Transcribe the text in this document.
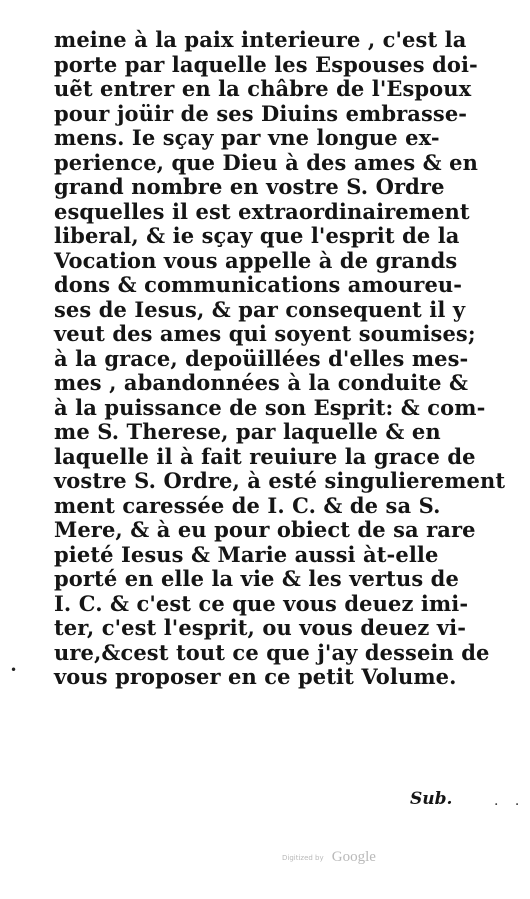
meine à la paix interieure , c'est la
porte par laquelle les Espouses doi-
uẽt entrer en la châbre de l'Espoux
pour joüir de ses Diuins embrasse-
mens. Ie sçay par vne longue ex-
perience, que Dieu à des ames & en
grand nombre en vostre S. Ordre
esquelles il est extraordinairement
liberal, & ie sçay que l'esprit de la
Vocation vous appelle à de grands
dons & communications amoureu-
ses de Iesus, & par consequent il y
veut des ames qui soyent soumises;
à la grace, depoüillées d'elles mes-
mes , abandonnées à la conduite &
à la puissance de son Esprit: & com-
me S. Therese, par laquelle & en
laquelle il à fait reuiure la grace de
vostre S. Ordre, à esté singulierement
ment caressée de I. C. & de sa S.
Mere, & à eu pour obiect de sa rare
pieté Iesus & Marie aussi àt-elle
porté en elle la vie & les vertus de
I. C. & c'est ce que vous deuez imi-
ter, c'est l'esprit, ou vous deuez vi-
ure,&cest tout ce que j'ay dessein de
vous proposer en ce petit Volume.
Sub.	· ·
•
Digitized by Google
